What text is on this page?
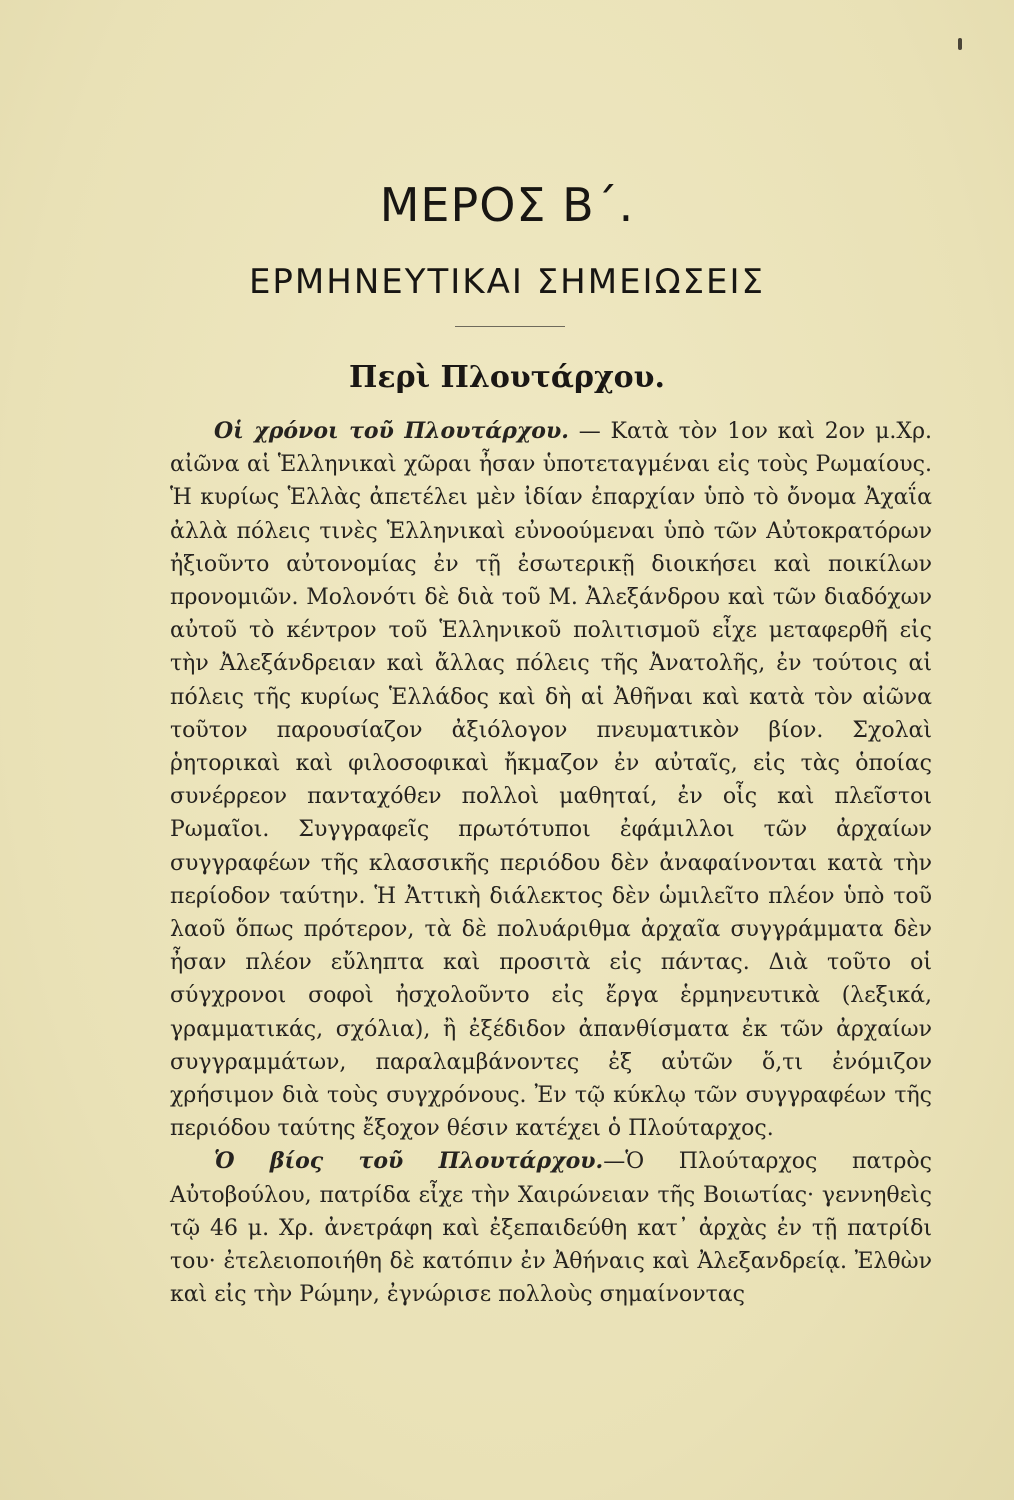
ΜΕΡΟΣ Β΄.
ΕΡΜΗΝΕΥΤΙΚΑΙ ΣΗΜΕΙΩΣΕΙΣ
Περὶ Πλουτάρχου.

Οἱ χρόνοι τοῦ Πλουτάρχου. — Κατὰ τὸν 1ον καὶ 2ον μ.Χρ. αἰῶνα αἱ Ἑλληνικαὶ χῶραι ἦσαν ὑποτεταγμέναι εἰς τοὺς Ρωμαίους. Ἡ κυρίως Ἑλλὰς ἀπετέλει μὲν ἰδίαν ἐπαρχίαν ὑπὸ τὸ ὄνομα Ἀχαΐα ἀλλὰ πόλεις τινὲς Ἑλληνικαὶ εὐνοούμεναι ὑπὸ τῶν Αὐτοκρατόρων ἠξιοῦντο αὐτονομίας ἐν τῇ ἐσωτερικῇ διοικήσει καὶ ποικίλων προνομιῶν. Μολονότι δὲ διὰ τοῦ Μ. Ἀλεξάνδρου καὶ τῶν διαδόχων αὐτοῦ τὸ κέντρον τοῦ Ἑλληνικοῦ πολιτισμοῦ εἶχε μεταφερθῆ εἰς τὴν Ἀλεξάνδρειαν καὶ ἄλλας πόλεις τῆς Ἀνατολῆς, ἐν τούτοις αἱ πόλεις τῆς κυρίως Ἑλλάδος καὶ δὴ αἱ Ἀθῆναι καὶ κατὰ τὸν αἰῶνα τοῦτον παρουσίαζον ἀξιόλογον πνευματικὸν βίον. Σχολαὶ ῥητορικαὶ καὶ φιλοσοφικαὶ ἤκμαζον ἐν αὐταῖς, εἰς τὰς ὁποίας συνέρρεον πανταχόθεν πολλοὶ μαθηταί, ἐν οἷς καὶ πλεῖστοι Ρωμαῖοι. Συγγραφεῖς πρωτότυποι ἐφάμιλλοι τῶν ἀρχαίων συγγραφέων τῆς κλασσικῆς περιόδου δὲν ἀναφαίνονται κατὰ τὴν περίοδον ταύτην. Ἡ Ἀττικὴ διάλεκτος δὲν ὡμιλεῖτο πλέον ὑπὸ τοῦ λαοῦ ὅπως πρότερον, τὰ δὲ πολυάριθμα ἀρχαῖα συγγράμματα δὲν ἦσαν πλέον εὔληπτα καὶ προσιτὰ εἰς πάντας. Διὰ τοῦτο οἱ σύγχρονοι σοφοὶ ἠσχολοῦντο εἰς ἔργα ἑρμηνευτικὰ (λεξικά, γραμματικάς, σχόλια), ἢ ἐξέδιδον ἀπανθίσματα ἐκ τῶν ἀρχαίων συγγραμμάτων, παραλαμβάνοντες ἐξ αὐτῶν ὅ,τι ἐνόμιζον χρήσιμον διὰ τοὺς συγχρόνους. Ἐν τῷ κύκλῳ τῶν συγγραφέων τῆς περιόδου ταύτης ἔξοχον θέσιν κατέχει ὁ Πλούταρχος.

Ὁ βίος τοῦ Πλουτάρχου.—Ὁ Πλούταρχος πατρὸς Αὐτοβούλου, πατρίδα εἶχε τὴν Χαιρώνειαν τῆς Βοιωτίας· γεννηθεὶς τῷ 46 μ. Χρ. ἀνετράφη καὶ ἐξεπαιδεύθη κατ᾽ ἀρχὰς ἐν τῇ πατρίδι του· ἐτελειοποιήθη δὲ κατόπιν ἐν Ἀθήναις καὶ Ἀλεξανδρείᾳ. Ἐλθὼν καὶ εἰς τὴν Ρώμην, ἐγνώρισε πολλοὺς σημαίνοντας
